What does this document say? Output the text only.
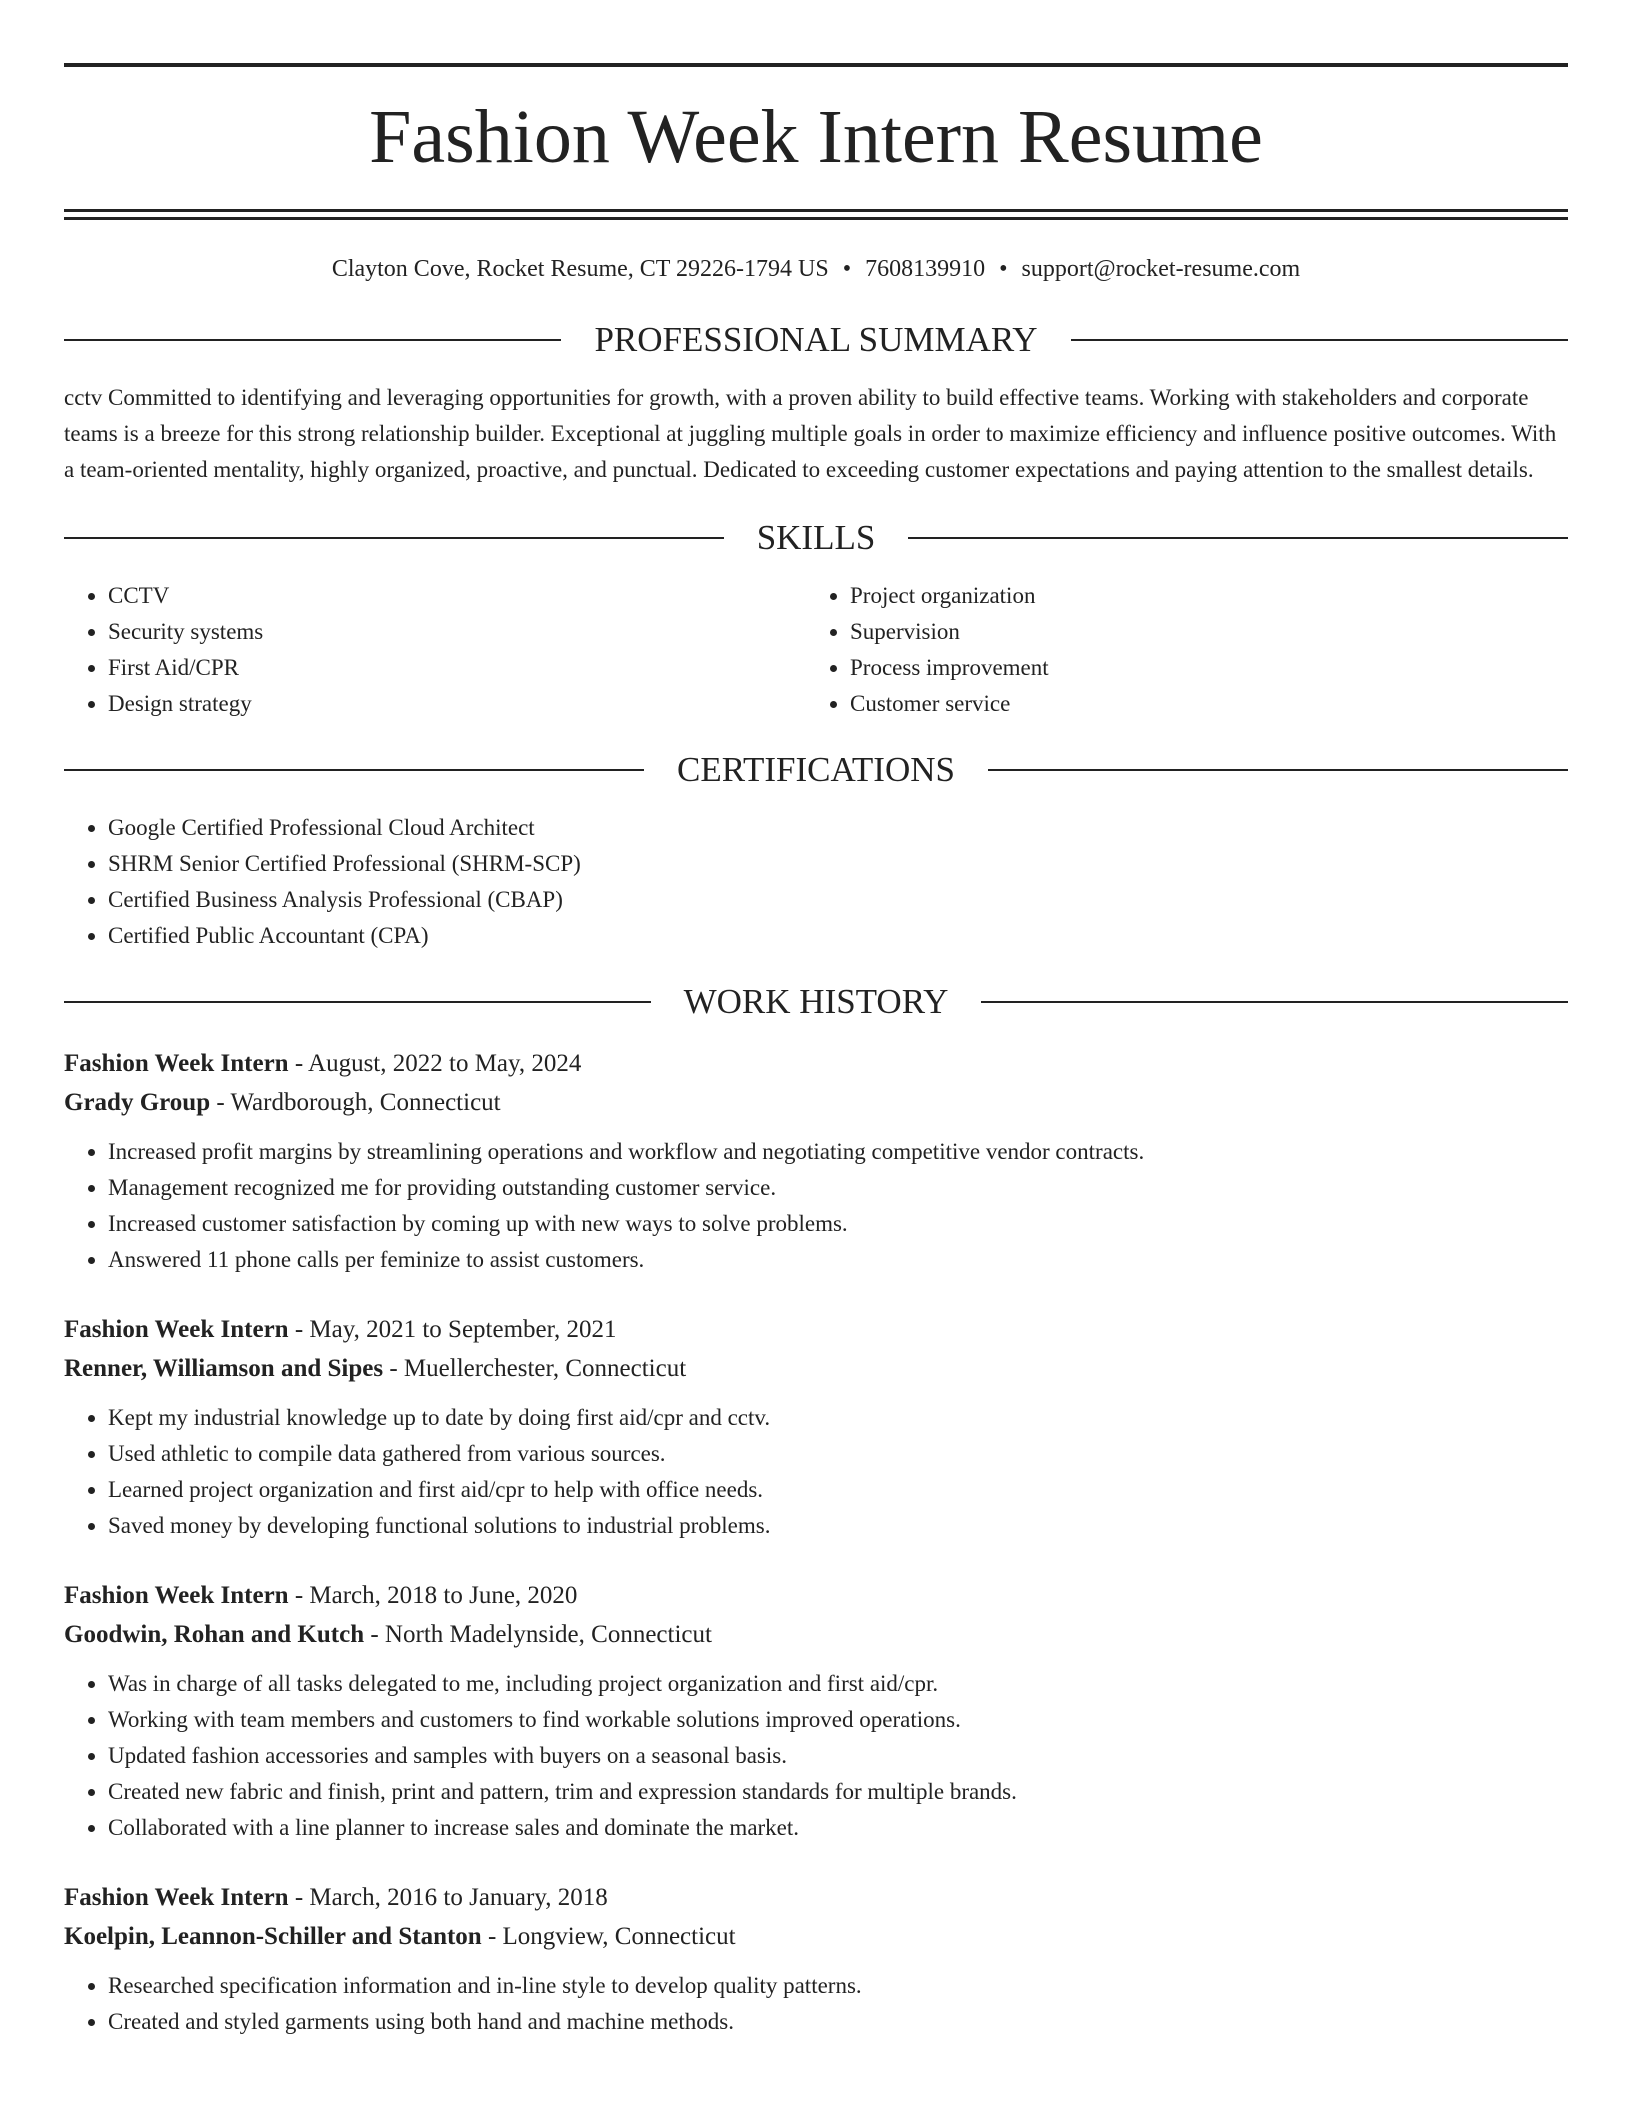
Fashion Week Intern Resume
Clayton Cove, Rocket Resume, CT 29226-1794 US • 7608139910 • support@rocket-resume.com
PROFESSIONAL SUMMARY

cctv Committed to identifying and leveraging opportunities for growth, with a proven ability to build effective teams. Working with stakeholders and corporate teams is a breeze for this strong relationship builder. Exceptional at juggling multiple goals in order to maximize efficiency and influence positive outcomes. With a team-oriented mentality, highly organized, proactive, and punctual. Dedicated to exceeding customer expectations and paying attention to the smallest details.

SKILLS
• CCTV
• Security systems
• First Aid/CPR
• Design strategy
• Project organization
• Supervision
• Process improvement
• Customer service
CERTIFICATIONS
• Google Certified Professional Cloud Architect
• SHRM Senior Certified Professional (SHRM-SCP)
• Certified Business Analysis Professional (CBAP)
• Certified Public Accountant (CPA)
WORK HISTORY
Fashion Week Intern - August, 2022 to May, 2024
Grady Group - Wardborough, Connecticut
• Increased profit margins by streamlining operations and workflow and negotiating competitive vendor contracts.
• Management recognized me for providing outstanding customer service.
• Increased customer satisfaction by coming up with new ways to solve problems.
• Answered 11 phone calls per feminize to assist customers.
Fashion Week Intern - May, 2021 to September, 2021
Renner, Williamson and Sipes - Muellerchester, Connecticut
• Kept my industrial knowledge up to date by doing first aid/cpr and cctv.
• Used athletic to compile data gathered from various sources.
• Learned project organization and first aid/cpr to help with office needs.
• Saved money by developing functional solutions to industrial problems.
Fashion Week Intern - March, 2018 to June, 2020
Goodwin, Rohan and Kutch - North Madelynside, Connecticut
• Was in charge of all tasks delegated to me, including project organization and first aid/cpr.
• Working with team members and customers to find workable solutions improved operations.
• Updated fashion accessories and samples with buyers on a seasonal basis.
• Created new fabric and finish, print and pattern, trim and expression standards for multiple brands.
• Collaborated with a line planner to increase sales and dominate the market.
Fashion Week Intern - March, 2016 to January, 2018
Koelpin, Leannon-Schiller and Stanton - Longview, Connecticut
• Researched specification information and in-line style to develop quality patterns.
• Created and styled garments using both hand and machine methods.
